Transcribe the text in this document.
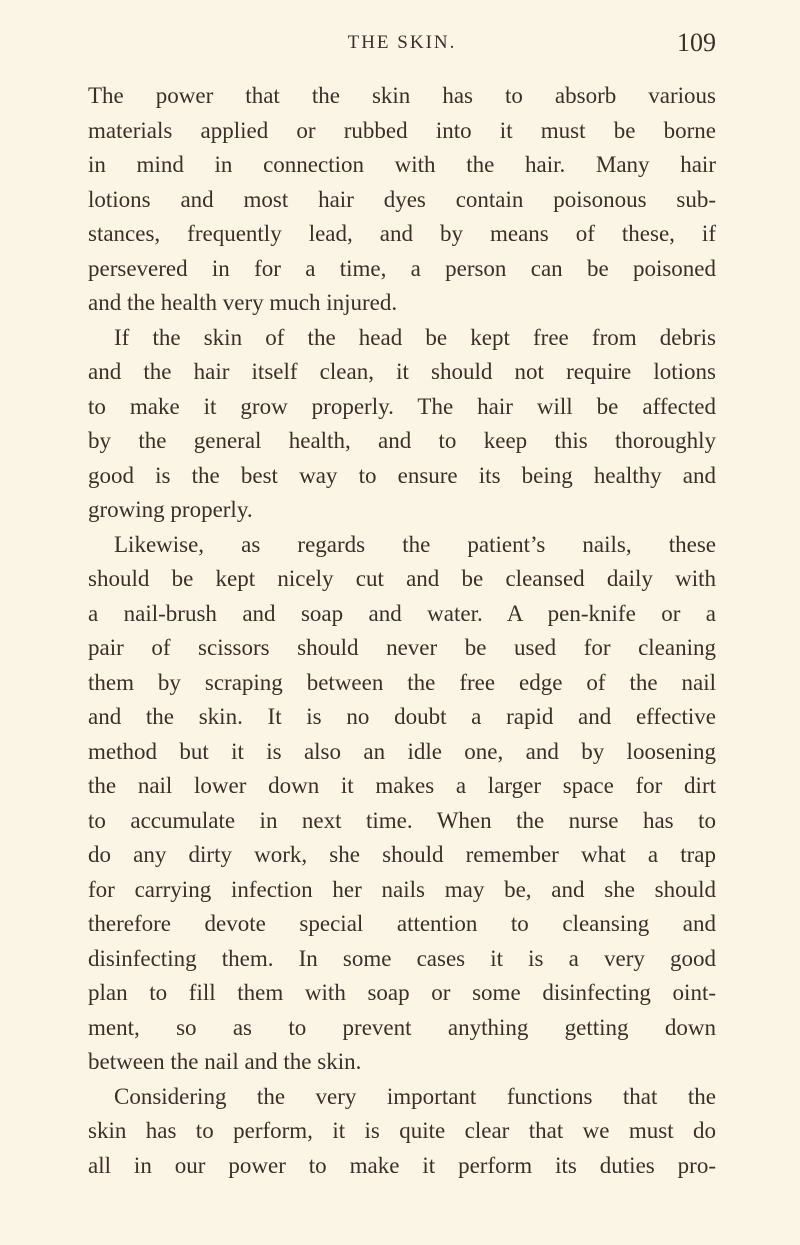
THE SKIN.	109
The power that the skin has to absorb various
materials applied or rubbed into it must be borne
in mind in connection with the hair. Many hair
lotions and most hair dyes contain poisonous sub-
stances, frequently lead, and by means of these, if
persevered in for a time, a person can be poisoned
and the health very much injured.
If the skin of the head be kept free from debris
and the hair itself clean, it should not require lotions
to make it grow properly. The hair will be affected
by the general health, and to keep this thoroughly
good is the best way to ensure its being healthy and
growing properly.
Likewise, as regards the patient’s nails, these
should be kept nicely cut and be cleansed daily with
a nail-brush and soap and water. A pen-knife or a
pair of scissors should never be used for cleaning
them by scraping between the free edge of the nail
and the skin. It is no doubt a rapid and effective
method but it is also an idle one, and by loosening
the nail lower down it makes a larger space for dirt
to accumulate in next time. When the nurse has to
do any dirty work, she should remember what a trap
for carrying infection her nails may be, and she should
therefore devote special attention to cleansing and
disinfecting them. In some cases it is a very good
plan to fill them with soap or some disinfecting oint-
ment, so as to prevent anything getting down
between the nail and the skin.
Considering the very important functions that the
skin has to perform, it is quite clear that we must do
all in our power to make it perform its duties pro-
